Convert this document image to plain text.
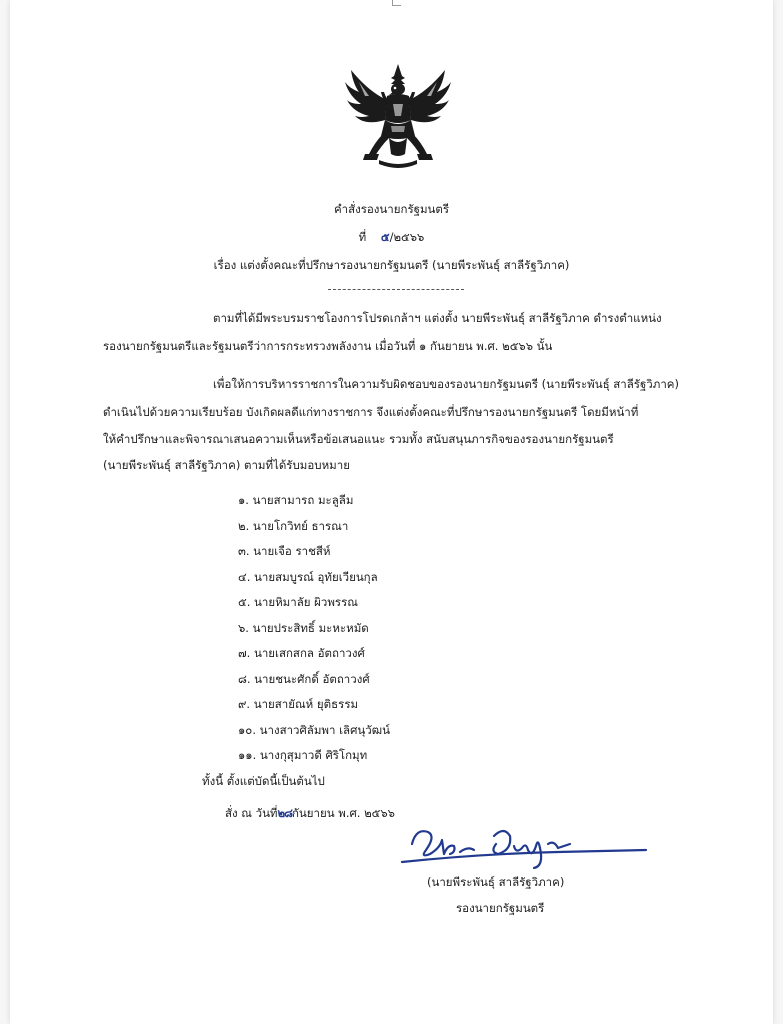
คำสั่งรองนายกรัฐมนตรี
ที่ ๕/๒๕๖๖
เรื่อง แต่งตั้งคณะที่ปรึกษารองนายกรัฐมนตรี (นายพีระพันธุ์ สาลีรัฐวิภาค)
ตามที่ได้มีพระบรมราชโองการโปรดเกล้าฯ แต่งตั้ง นายพีระพันธุ์ สาลีรัฐวิภาค ดำรงตำแหน่ง
รองนายกรัฐมนตรีและรัฐมนตรีว่าการกระทรวงพลังงาน เมื่อวันที่ ๑ กันยายน พ.ศ. ๒๕๖๖ นั้น
เพื่อให้การบริหารราชการในความรับผิดชอบของรองนายกรัฐมนตรี (นายพีระพันธุ์ สาลีรัฐวิภาค)
ดำเนินไปด้วยความเรียบร้อย บังเกิดผลดีแก่ทางราชการ จึงแต่งตั้งคณะที่ปรึกษารองนายกรัฐมนตรี โดยมีหน้าที่
ให้คำปรึกษาและพิจารณาเสนอความเห็นหรือข้อเสนอแนะ รวมทั้ง สนับสนุนภารกิจของรองนายกรัฐมนตรี
(นายพีระพันธุ์ สาลีรัฐวิภาค) ตามที่ได้รับมอบหมาย
๑. นายสามารถ มะลูลีม
๒. นายโกวิทย์ ธารณา
๓. นายเจือ ราชสีห์
๔. นายสมบูรณ์ อุทัยเวียนกุล
๕. นายหิมาลัย ผิวพรรณ
๖. นายประสิทธิ์ มะหะหมัด
๗. นายเสกสกล อัตถาวงศ์
๘. นายชนะศักดิ์ อัตถาวงศ์
๙. นายสายัณห์ ยุติธรรม
๑๐. นางสาวศิลัมพา เลิศนุวัฒน์
๑๑. นางกุสุมาวดี ศิริโกมุท
ทั้งนี้ ตั้งแต่บัดนี้เป็นต้นไป
สั่ง ณ วันที่๒๘กันยายน พ.ศ. ๒๕๖๖
(นายพีระพันธุ์ สาลีรัฐวิภาค)
รองนายกรัฐมนตรี
